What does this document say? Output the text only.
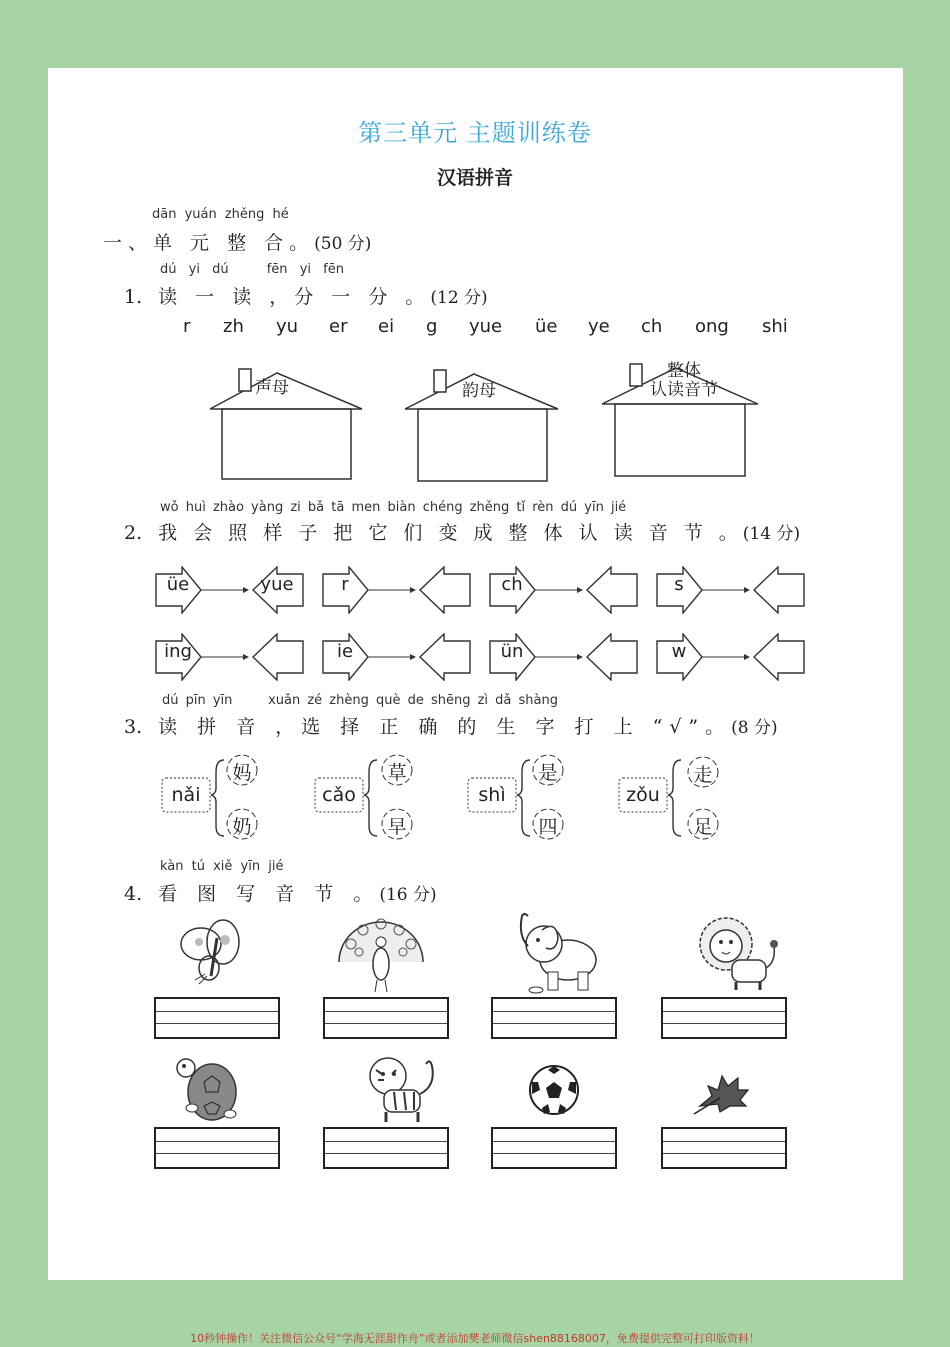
第三单元 主题训练卷
汉语拼音
dān yuán zhěng hé
一、单 元 整 合。(50 分)
dú yi dú	fēn yi fēn
1. 读 一 读 ，分 一 分 。(12 分)
r zh yu er ei g yue üe ye ch ong shi
声母	韵母
整体
认读音节
wǒ huì zhào yàng zi bǎ tā men biàn chéng zhěng tǐ rèn dú yīn jié
2. 我 会 照 样 子 把 它 们 变 成 整 体 认 读 音 节 。(14 分)
üe	yue	r	ch	s
ing	ie	ün	w
dú pīn yīn     xuǎn zé zhèng què de shēng zì dǎ shàng
3. 读 拼 音 ，选 择 正 确 的 生 字 打 上 “√”。(8 分)
nǎi
妈
奶
cǎo
草
早
shì
是
四
zǒu
走
足
kàn tú xiě yīn jié
4. 看 图 写 音 节 。(16 分)
10秒钟操作！关注微信公众号“学海无涯甜作舟”或者添加樊老师微信shen88168007，免费提供完整可打印版资料！
